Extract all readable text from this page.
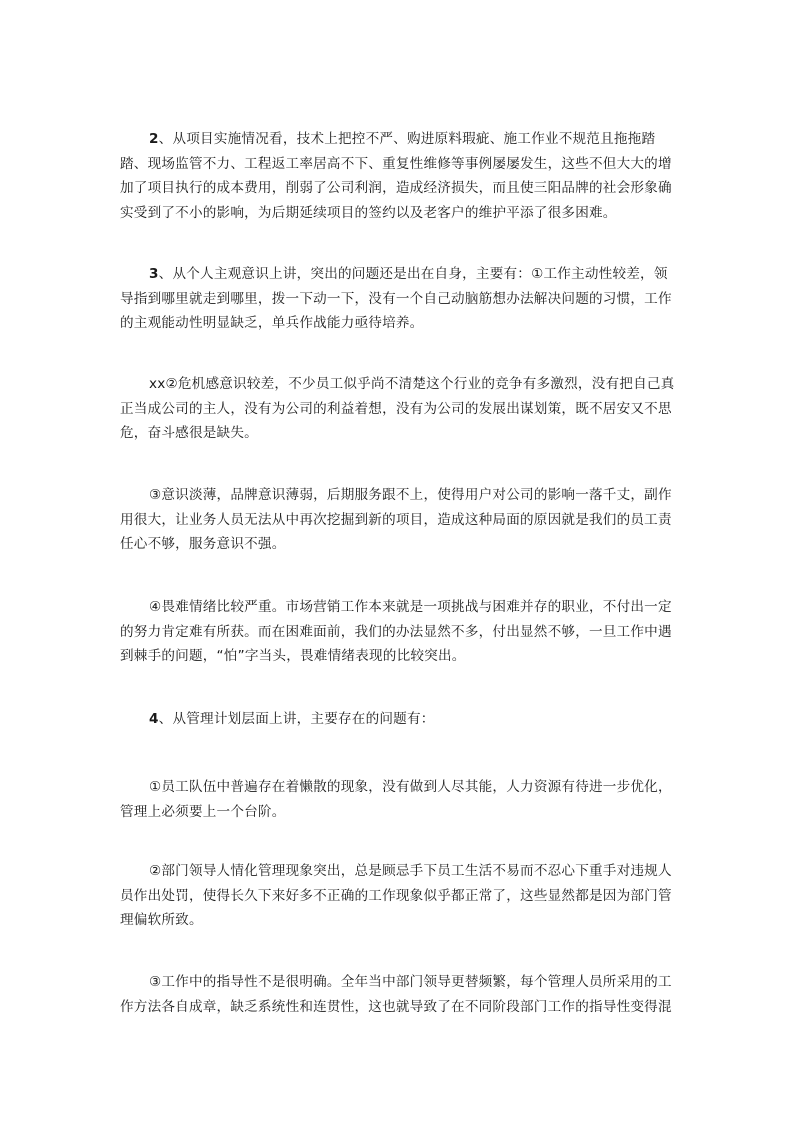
2、从项目实施情况看，技术上把控不严、购进原料瑕疵、施工作业不规范且拖拖踏踏、现场监管不力、工程返工率居高不下、重复性维修等事例屡屡发生，这些不但大大的增加了项目执行的成本费用，削弱了公司利润，造成经济损失，而且使三阳品牌的社会形象确实受到了不小的影响，为后期延续项目的签约以及老客户的维护平添了很多困难。

3、从个人主观意识上讲，突出的问题还是出在自身，主要有：①工作主动性较差，领导指到哪里就走到哪里，拨一下动一下，没有一个自己动脑筋想办法解决问题的习惯，工作的主观能动性明显缺乏，单兵作战能力亟待培养。

xx②危机感意识较差，不少员工似乎尚不清楚这个行业的竞争有多激烈，没有把自己真正当成公司的主人，没有为公司的利益着想，没有为公司的发展出谋划策，既不居安又不思危，奋斗感很是缺失。

③意识淡薄，品牌意识薄弱，后期服务跟不上，使得用户对公司的影响一落千丈，副作用很大，让业务人员无法从中再次挖掘到新的项目，造成这种局面的原因就是我们的员工责任心不够，服务意识不强。

④畏难情绪比较严重。市场营销工作本来就是一项挑战与困难并存的职业，不付出一定的努力肯定难有所获。而在困难面前，我们的办法显然不多，付出显然不够，一旦工作中遇到棘手的问题，“怕”字当头，畏难情绪表现的比较突出。

4、从管理计划层面上讲，主要存在的问题有：

①员工队伍中普遍存在着懒散的现象，没有做到人尽其能，人力资源有待进一步优化，管理上必须要上一个台阶。

②部门领导人情化管理现象突出，总是顾忌手下员工生活不易而不忍心下重手对违规人员作出处罚，使得长久下来好多不正确的工作现象似乎都正常了，这些显然都是因为部门管理偏软所致。

③工作中的指导性不是很明确。全年当中部门领导更替频繁，每个管理人员所采用的工作方法各自成章，缺乏系统性和连贯性，这也就导致了在不同阶段部门工作的指导性变得混
